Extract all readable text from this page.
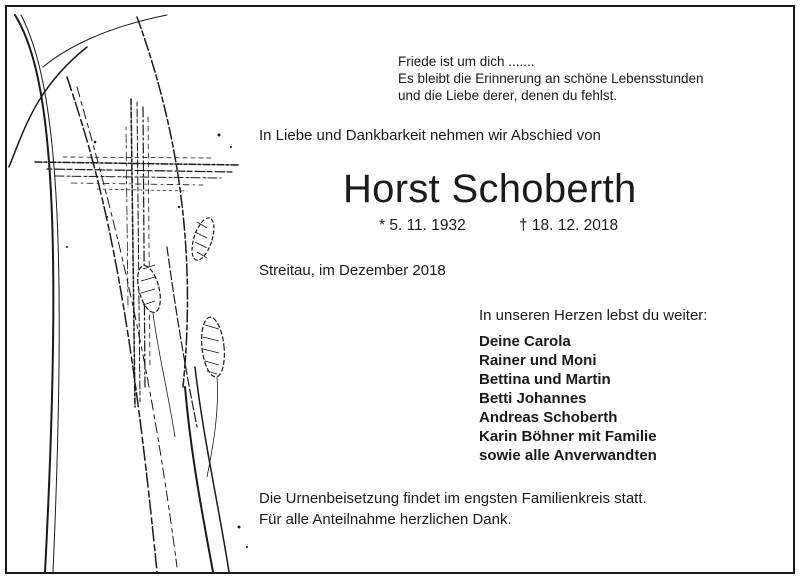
Friede ist um dich .......
Es bleibt die Erinnerung an schöne Lebensstunden
und die Liebe derer, denen du fehlst.
In Liebe und Dankbarkeit nehmen wir Abschied von
Horst Schoberth
* 5. 11. 1932	† 18. 12. 2018
Streitau, im Dezember 2018
In unseren Herzen lebst du weiter:
Deine Carola
Rainer und Moni
Bettina und Martin
Betti Johannes
Andreas Schoberth
Karin Böhner mit Familie
sowie alle Anverwandten
Die Urnenbeisetzung findet im engsten Familienkreis statt.
Für alle Anteilnahme herzlichen Dank.
